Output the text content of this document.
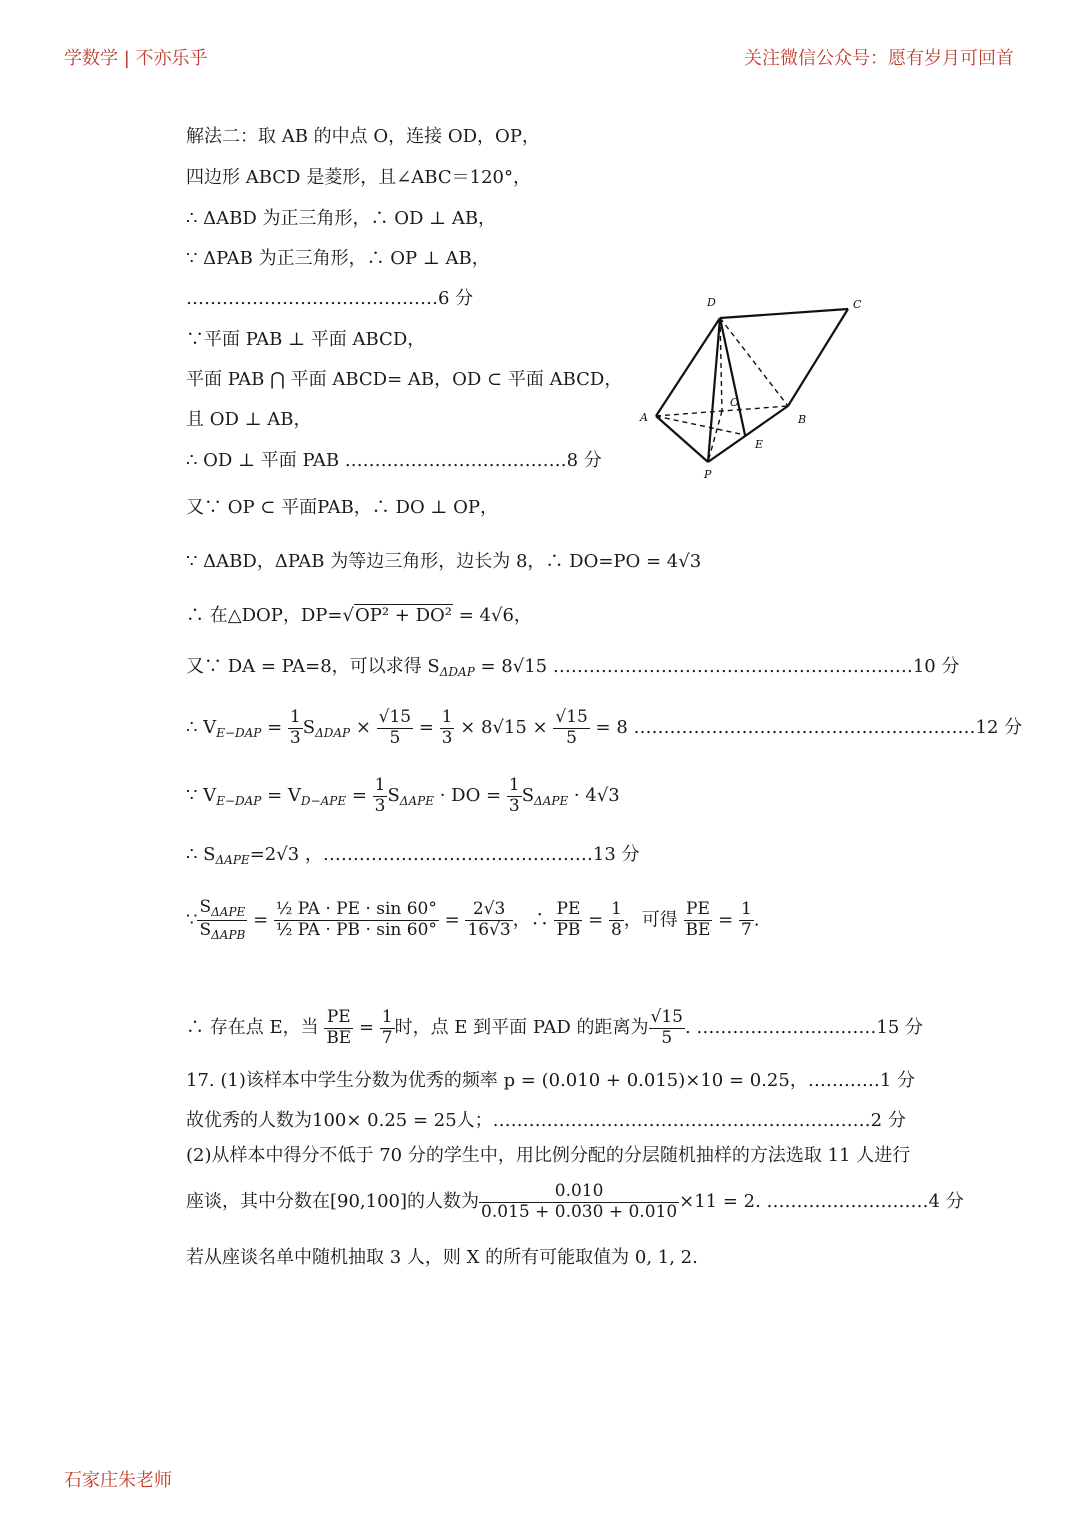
学数学 | 不亦乐乎	关注微信公众号：愿有岁月可回首
解法二：取 AB 的中点 O，连接 OD，OP，
四边形 ABCD 是菱形，且∠ABC＝120°，
∴ ΔABD 为正三角形，∴ OD ⊥ AB，
∵ ΔPAB 为正三角形，∴ OP ⊥ AB，
……………………………………6 分
∵平面 PAB ⊥ 平面 ABCD，
平面 PAB ⋂ 平面 ABCD= AB，OD ⊂ 平面 ABCD，
且 OD ⊥ AB，
∴ OD ⊥ 平面 PAB .………………………………8 分
又∵ OP ⊂ 平面PAB，∴ DO ⊥ OP，
∵ ΔABD，ΔPAB 为等边三角形，边长为 8，∴ DO=PO = 4√3
∴ 在△DOP，DP=√OP² + DO² = 4√6，
又∵ DA = PA=8，可以求得 $S_{\Delta DAP} = 8√15$ ……………………………………………………10 分
∴ $V_{E-DAP} = \frac{1}{3} S_{\Delta DAP} \times \frac{√15}{5} = \frac{1}{3} \times 8√15 \times \frac{√15}{5} = 8$ …………………………………………………12 分
∵ $V_{E-DAP} = V_{D-APE} = \frac{1}{3} S_{\Delta APE}$ · DO = $\frac{1}{3} S_{\Delta APE} \cdot 4√3$
∴ $S_{\Delta APE}=2√3$ ，………………………………………13 分
∵ $\frac{S_{\Delta APE}}{S_{\Delta APB}} = \frac{\text{½ PA · PE · sin 60°}}{\text{½ PA · PB · sin 60°}} = \frac{2√3}{16√3}$ ，∴ $\frac{PE}{PB} = \frac{1}{8}$ ，可得 $\frac{PE}{BE} = \frac{1}{7}$ .
∴ 存在点 E，当 $\frac{PE}{BE} = \frac{1}{7}$ 时，点 E 到平面 PAD 的距离为 $\frac{√15}{5}$ . …………………………15 分
17. (1)该样本中学生分数为优秀的频率 p = (0.010 + 0.015)×10 = 0.25，…………1 分
故优秀的人数为100× 0.25 = 25人；………………………………………………………2 分
(2)从样本中得分不低于 70 分的学生中，用比例分配的分层随机抽样的方法选取 11 人进行
座谈，其中分数在[90,100]的人数为 $\frac{0.010}{0.015 + 0.030 + 0.010} \times 11 = 2$. ………………………4 分
若从座谈名单中随机抽取 3 人，则 X 的所有可能取值为 0, 1, 2.
D	C
A
O
B
E
P
石家庄朱老师
